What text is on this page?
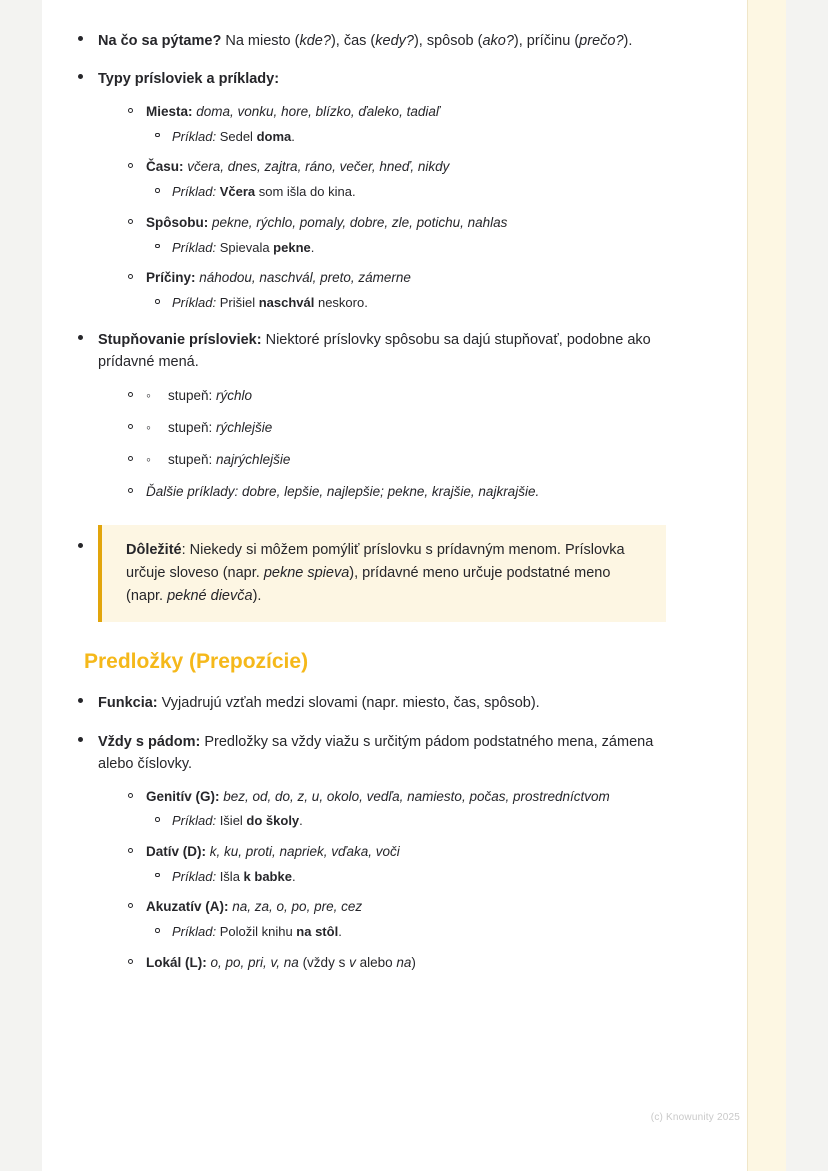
Na čo sa pýtame? Na miesto (kde?), čas (kedy?), spôsob (ako?), príčinu (prečo?).
Typy prísloviek a príklady:
Miesta: doma, vonku, hore, blízko, ďaleko, tadiaľ
Príklad: Sedel doma.
Času: včera, dnes, zajtra, ráno, večer, hneď, nikdy
Príklad: Včera som išla do kina.
Spôsobu: pekne, rýchlo, pomaly, dobre, zle, potichu, nahlas
Príklad: Spievala pekne.
Príčiny: náhodou, naschvál, preto, zámerne
Príklad: Prišiel naschvál neskoro.
Stupňovanie prísloviek: Niektoré príslovky spôsobu sa dajú stupňovať, podobne ako prídavné mená.
◦ stupeň: rýchlo
◦ stupeň: rýchlejšie
◦ stupeň: najrýchlejšie
Ďalšie príklady: dobre, lepšie, najlepšie; pekne, krajšie, najkrajšie.
Dôležité: Niekedy si môžem pomýliť príslovku s prídavným menom. Príslovka určuje sloveso (napr. pekne spieva), prídavné meno určuje podstatné meno (napr. pekné dievča).
Predložky (Prepozície)
Funkcia: Vyjadrujú vzťah medzi slovami (napr. miesto, čas, spôsob).
Vždy s pádom: Predložky sa vždy viažu s určitým pádom podstatného mena, zámena alebo číslovky.
Genitív (G): bez, od, do, z, u, okolo, vedľa, namiesto, počas, prostredníctvom
Príklad: Išiel do školy.
Datív (D): k, ku, proti, napriek, vďaka, voči
Príklad: Išla k babke.
Akuzatív (A): na, za, o, po, pre, cez
Príklad: Položil knihu na stôl.
Lokál (L): o, po, pri, v, na (vždy s v alebo na)
(c) Knowunity 2025
